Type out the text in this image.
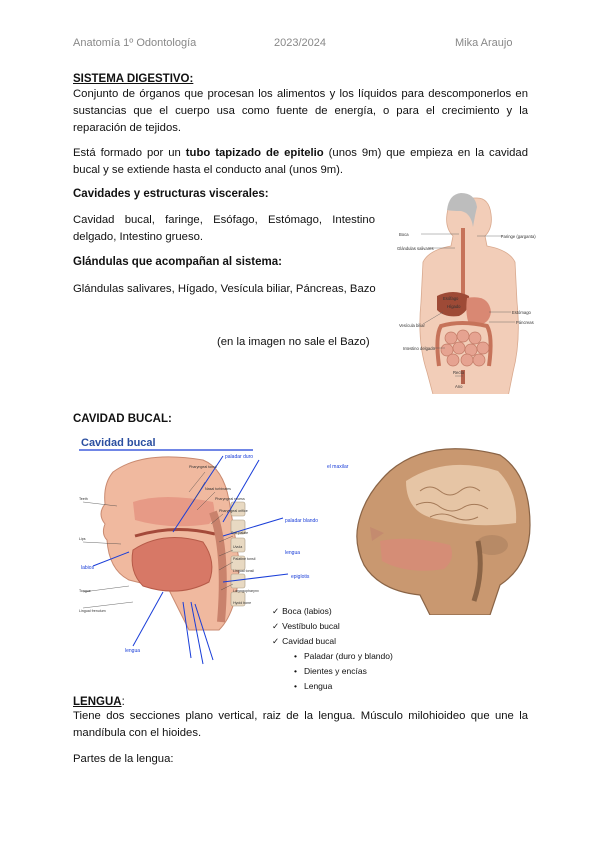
Anatomía 1º Odontología	2023/2024	Mika Araujo
SISTEMA DIGESTIVO:
Conjunto de órganos que procesan los alimentos y los líquidos para descomponerlos en sustancias que el cuerpo usa como fuente de energía, o para el crecimiento y la reparación de tejidos.
Está formado por un tubo tapizado de epitelio (unos 9m) que empieza en la cavidad bucal y se extiende hasta el conducto anal (unos 9m).
Cavidades y estructuras viscerales:
Cavidad bucal, faringe, Esófago, Estómago, Intestino delgado, Intestino grueso.
Glándulas que acompañan al sistema:
Glándulas salivares, Hígado, Vesícula biliar, Páncreas, Bazo
(en la imagen no sale el Bazo)
Boca	Faringe (garganta)
Glándulas salivares
Esófago
Hígado
Estómago
Páncreas
Vesícula biliar
Intestino delgado
Recto
Ano
CAVIDAD BUCAL:
Cavidad bucal
paladar duro
paladar blando
labios
epiglotis
el maxilar
lengua
lengua
Pharyngeal tonsil
Nasal turbinates
Pharyngeal recess
Pharyngeal orifice
Soft palate
Uvula
Palatine tonsil
Lingual tonsil
Laryngopharynx
Hyoid bone
Lingual frenulum
Tongue
Teeth
Lips
✓ Boca (labios)
✓ Vestíbulo bucal
✓ Cavidad bucal
• Paladar (duro y blando)
• Dientes y encías
• Lengua
LENGUA:
Tiene dos secciones plano vertical, raiz de la lengua. Músculo milohioideo que une la mandíbula con el hioides.
Partes de la lengua:
